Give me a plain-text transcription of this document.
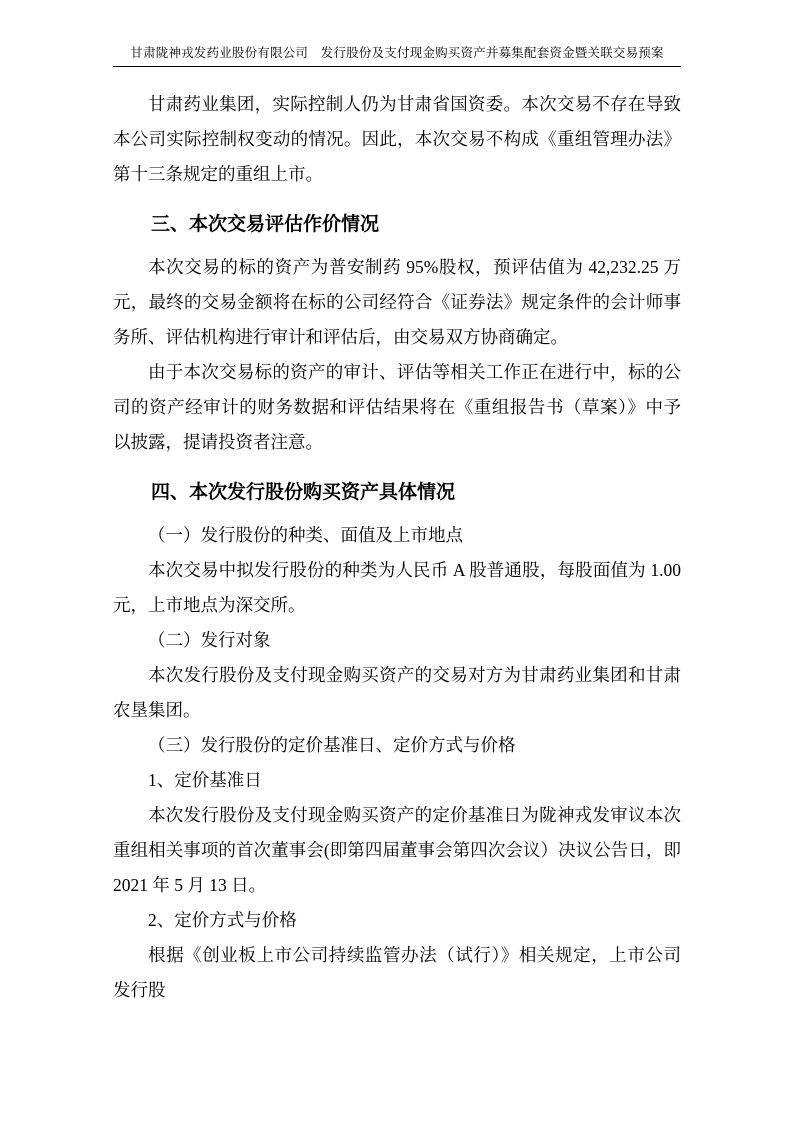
甘肃陇神戎发药业股份有限公司　发行股份及支付现金购买资产并募集配套资金暨关联交易预案

甘肃药业集团，实际控制人仍为甘肃省国资委。本次交易不存在导致本公司实际控制权变动的情况。因此，本次交易不构成《重组管理办法》第十三条规定的重组上市。

三、本次交易评估作价情况

本次交易的标的资产为普安制药 95%股权，预评估值为 42,232.25 万元，最终的交易金额将在标的公司经符合《证券法》规定条件的会计师事务所、评估机构进行审计和评估后，由交易双方协商确定。

由于本次交易标的资产的审计、评估等相关工作正在进行中，标的公司的资产经审计的财务数据和评估结果将在《重组报告书（草案）》中予以披露，提请投资者注意。

四、本次发行股份购买资产具体情况

（一）发行股份的种类、面值及上市地点

本次交易中拟发行股份的种类为人民币 A 股普通股，每股面值为 1.00 元，上市地点为深交所。

（二）发行对象

本次发行股份及支付现金购买资产的交易对方为甘肃药业集团和甘肃农垦集团。

（三）发行股份的定价基准日、定价方式与价格

1、定价基准日

本次发行股份及支付现金购买资产的定价基准日为陇神戎发审议本次重组相关事项的首次董事会(即第四届董事会第四次会议）决议公告日，即 2021 年 5 月 13 日。

2、定价方式与价格

根据《创业板上市公司持续监管办法（试行）》相关规定，上市公司发行股
